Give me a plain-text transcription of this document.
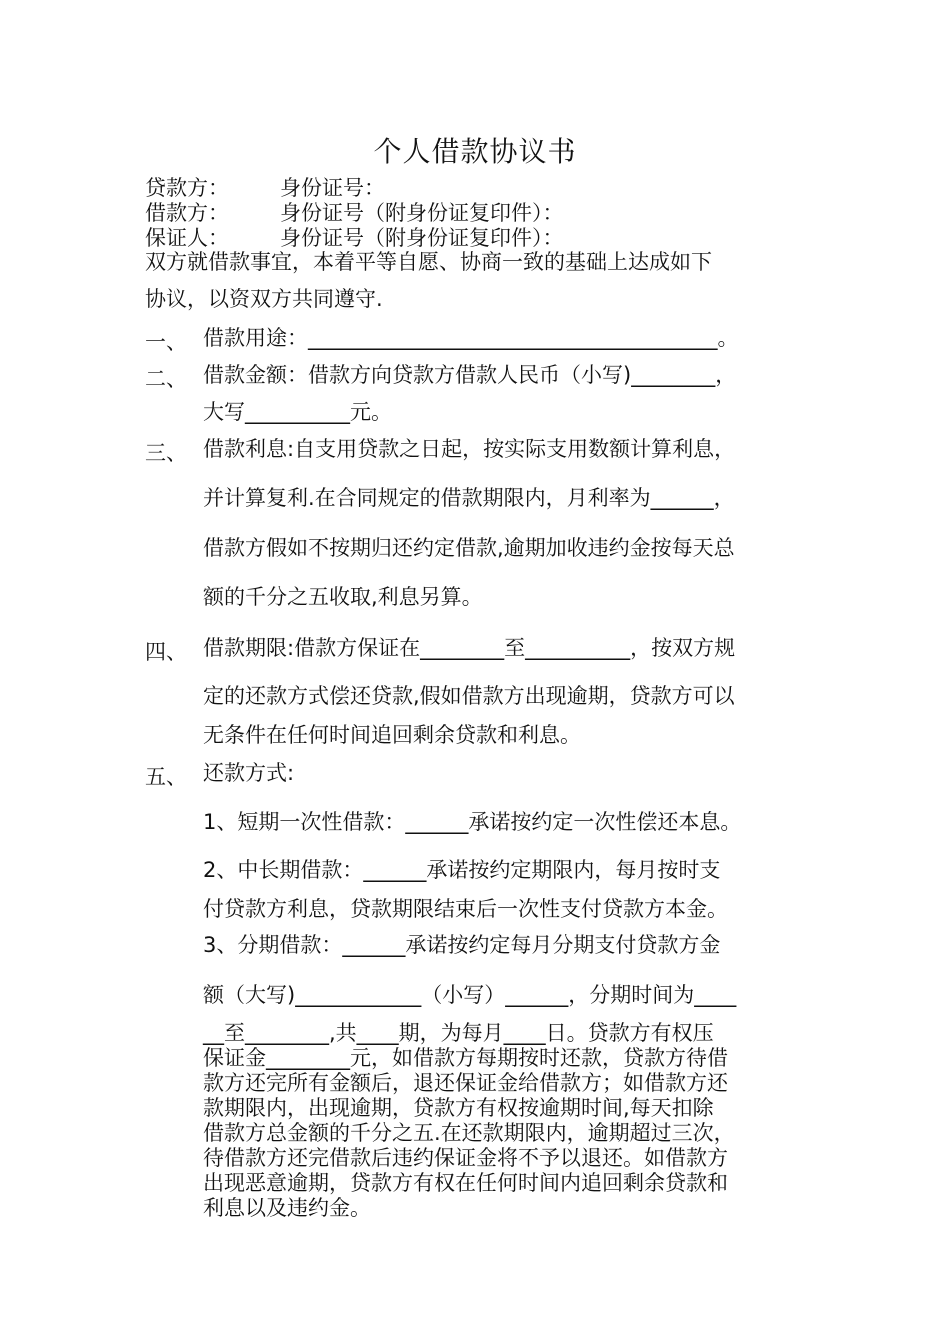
个人借款协议书
贷款方： 身份证号：
借款方： 身份证号（附身份证复印件）：
保证人： 身份证号（附身份证复印件）：
双方就借款事宜，本着平等自愿、协商一致的基础上达成如下
协议，以资双方共同遵守.
一、 借款用途：_______________________________________。
二、 借款金额：借款方向贷款方借款人民币（小写)________，
大写__________元。
三、 借款利息:自支用贷款之日起，按实际支用数额计算利息，
并计算复利.在合同规定的借款期限内，月利率为______，
借款方假如不按期归还约定借款,逾期加收违约金按每天总
额的千分之五收取,利息另算。
四、 借款期限:借款方保证在________至__________，按双方规
定的还款方式偿还贷款,假如借款方出现逾期，贷款方可以
无条件在任何时间追回剩余贷款和利息。
五、 还款方式:
1、短期一次性借款：______承诺按约定一次性偿还本息。
2、中长期借款：______承诺按约定期限内，每月按时支
付贷款方利息，贷款期限结束后一次性支付贷款方本金。
3、分期借款：______承诺按约定每月分期支付贷款方金
额（大写)____________（小写）______，分期时间为____
__至________,共____期，为每月____日。贷款方有权压
保证金________元，如借款方每期按时还款，贷款方待借
款方还完所有金额后，退还保证金给借款方；如借款方还
款期限内，出现逾期，贷款方有权按逾期时间,每天扣除
借款方总金额的千分之五.在还款期限内，逾期超过三次，
待借款方还完借款后违约保证金将不予以退还。如借款方
出现恶意逾期，贷款方有权在任何时间内追回剩余贷款和
利息以及违约金。
